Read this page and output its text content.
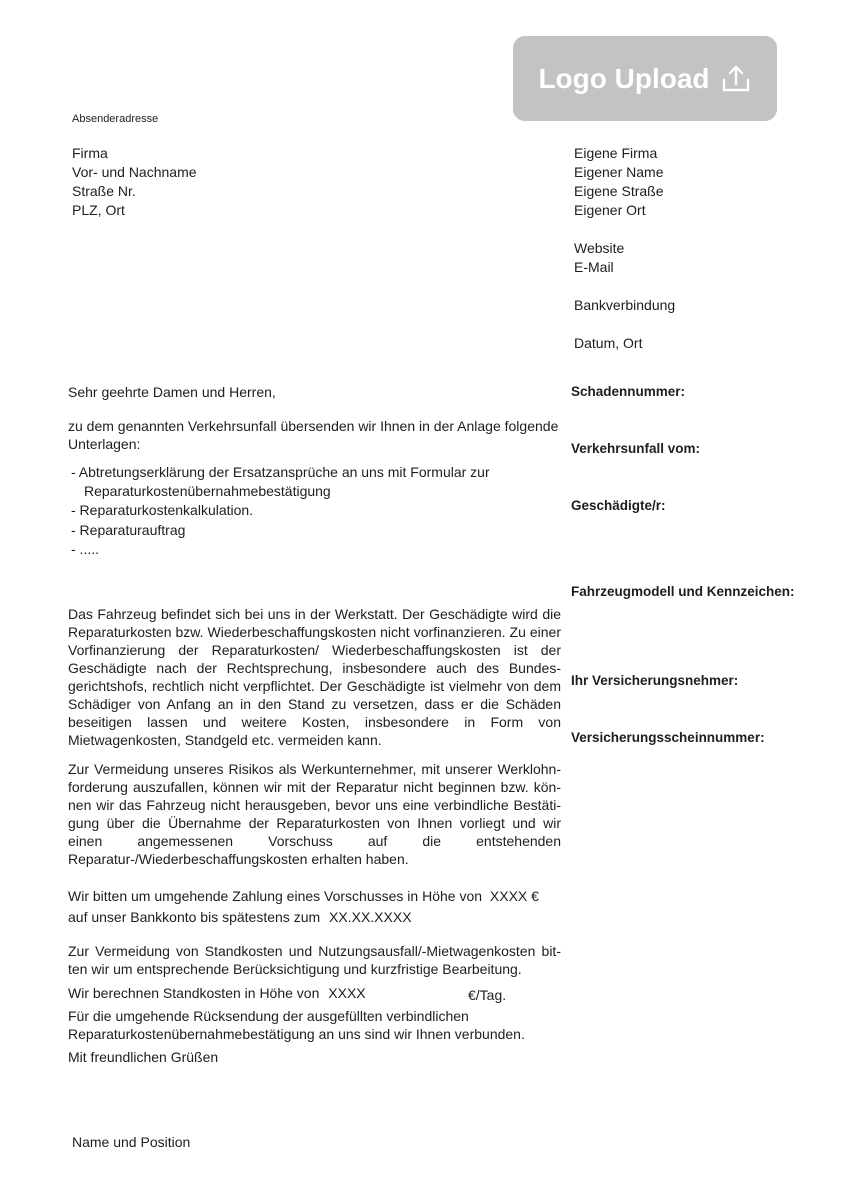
Logo Upload
Absenderadresse
Firma
Vor- und Nachname
Straße Nr.
PLZ, Ort
Eigene Firma
Eigener Name
Eigene Straße
Eigener Ort
Website
E-Mail
Bankverbindung
Datum, Ort
Schadennummer:
Verkehrsunfall vom:
Geschädigte/r:
Fahrzeugmodell und Kennzeichen:
Ihr Versicherungsnehmer:
Versicherungsscheinnummer:
Sehr geehrte Damen und Herren,
zu dem genannten Verkehrsunfall übersenden wir Ihnen in der Anlage folgende Unterlagen:
- Abtretungserklärung der Ersatzansprüche an uns mit Formular zur
Reparaturkostenübernahmebestätigung
- Reparaturkostenkalkulation.
- Reparaturauftrag
- .....
Das Fahrzeug befindet sich bei uns in der Werkstatt. Der Geschädigte wird die Reparaturkosten bzw. Wiederbeschaffungskosten nicht vorfinanzieren. Zu einer Vorfinanzierung der Reparaturkosten/ Wiederbeschaffungskosten ist der Geschädigte nach der Rechtsprechung, insbesondere auch des Bundesgerichtshofs, rechtlich nicht verpflichtet. Der Geschädigte ist vielmehr von dem Schädiger von Anfang an in den Stand zu versetzen, dass er die Schäden beseitigen lassen und weitere Kosten, insbesondere in Form von Mietwagenkosten, Standgeld etc. vermeiden kann.
Zur Vermeidung unseres Risikos als Werkunternehmer, mit unserer Werklohnforderung auszufallen, können wir mit der Reparatur nicht beginnen bzw. können wir das Fahrzeug nicht herausgeben, bevor uns eine verbindliche Bestätigung über die Übernahme der Reparaturkosten von Ihnen vorliegt und wir einen angemessenen Vorschuss auf die entstehenden Reparatur-/Wiederbeschaffungskosten erhalten haben.
Wir bitten um umgehende Zahlung eines Vorschusses in Höhe von XXXX €
auf unser Bankkonto bis spätestens zum XX.XX.XXXX
Zur Vermeidung von Standkosten und Nutzungsausfall/-Mietwagenkosten bitten wir um entsprechende Berücksichtigung und kurzfristige Bearbeitung.
Wir berechnen Standkosten in Höhe von XXXX	€/Tag.
Für die umgehende Rücksendung der ausgefüllten verbindlichen
Reparaturkostenübernahmebestätigung an uns sind wir Ihnen verbunden.
Mit freundlichen Grüßen
Name und Position
